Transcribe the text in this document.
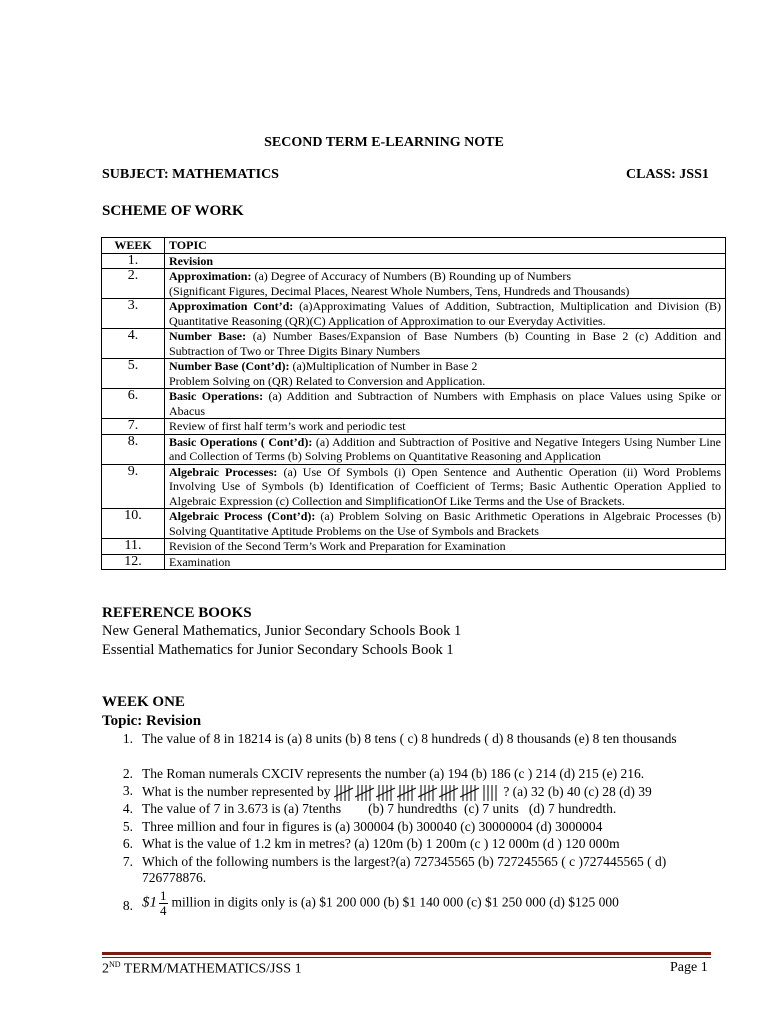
SECOND TERM E-LEARNING NOTE
SUBJECT: MATHEMATICS	CLASS: JSS1
SCHEME OF WORK
WEEK	TOPIC
1.	Revision
2.	Approximation: (a) Degree of Accuracy of Numbers (B) Rounding up of Numbers
(Significant Figures, Decimal Places, Nearest Whole Numbers, Tens, Hundreds and Thousands)
3.	Approximation Cont’d: (a)Approximating Values of Addition, Subtraction, Multiplication and Division (B) Quantitative Reasoning (QR)(C) Application of Approximation to our Everyday Activities.
4.	Number Base: (a) Number Bases/Expansion of Base Numbers (b) Counting in Base 2 (c) Addition and Subtraction of Two or Three Digits Binary Numbers
5.	Number Base (Cont’d): (a)Multiplication of Number in Base 2
Problem Solving on (QR) Related to Conversion and Application.
6.	Basic Operations: (a) Addition and Subtraction of Numbers with Emphasis on place Values using Spike or Abacus
7.	Review of first half term’s work and periodic test
8.	Basic Operations ( Cont’d): (a) Addition and Subtraction of Positive and Negative Integers Using Number Line and Collection of Terms (b) Solving Problems on Quantitative Reasoning and Application
9.	Algebraic Processes: (a) Use Of Symbols (i) Open Sentence and Authentic Operation (ii) Word Problems Involving Use of Symbols (b) Identification of Coefficient of Terms; Basic Authentic Operation Applied to Algebraic Expression (c) Collection and SimplificationOf Like Terms and the Use of Brackets.
10.	Algebraic Process (Cont’d): (a) Problem Solving on Basic Arithmetic Operations in Algebraic Processes (b) Solving Quantitative Aptitude Problems on the Use of Symbols and Brackets
11.	Revision of the Second Term’s Work and Preparation for Examination
12.	Examination
REFERENCE BOOKS
New General Mathematics, Junior Secondary Schools Book 1
Essential Mathematics for Junior Secondary Schools Book 1
WEEK ONE
Topic: Revision
1. The value of 8 in 18214 is (a) 8 units (b) 8 tens ( c) 8 hundreds ( d) 8 thousands (e) 8 ten thousands
2. The Roman numerals CXCIV represents the number (a) 194 (b) 186 (c ) 214 (d) 215 (e) 216.
3. What is the number represented by	? (a) 32 (b) 40 (c) 28 (d) 39
4. The value of 7 in 3.673 is (a) 7tenths        (b) 7 hundredths  (c) 7 units   (d) 7 hundredth.
5. Three million and four in figures is (a) 300004 (b) 300040 (c) 30000004 (d) 3000004
6. What is the value of 1.2 km in metres? (a) 120m (b) 1 200m (c ) 12 000m (d ) 120 000m
7. Which of the following numbers is the largest?(a) 727345565 (b) 727245565 ( c )727445565 ( d) 726778876.
8. $1 $\frac{1}{4}$ million in digits only is (a) $1 200 000 (b) $1 140 000 (c) $1 250 000 (d) $125 000
2ND TERM/MATHEMATICS/JSS 1	Page 1
